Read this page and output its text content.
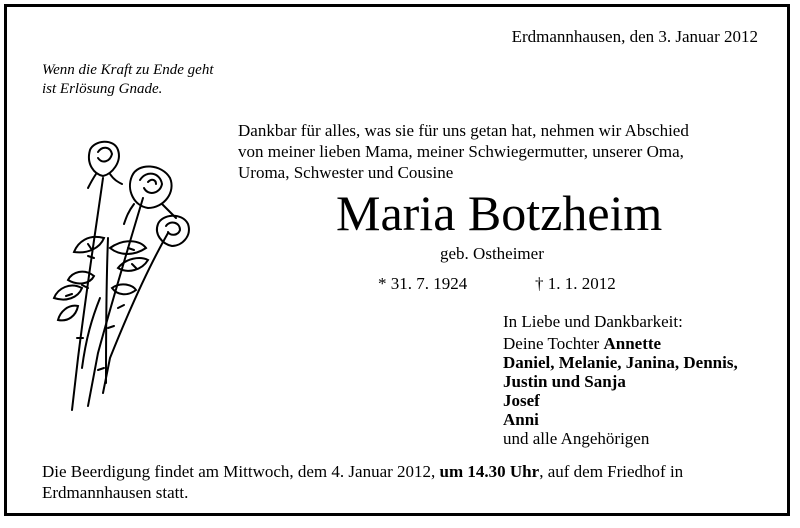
Erdmannhausen, den 3. Januar 2012
Wenn die Kraft zu Ende geht
ist Erlösung Gnade.
Dankbar für alles, was sie für uns getan hat, nehmen wir Abschied
von meiner lieben Mama, meiner Schwiegermutter, unserer Oma,
Uroma, Schwester und Cousine
Maria Botzheim
geb. Ostheimer
* 31. 7. 1924	† 1. 1. 2012
In Liebe und Dankbarkeit:
Deine Tochter Annette
Daniel, Melanie, Janina, Dennis,
Justin und Sanja
Josef
Anni
und alle Angehörigen
Die Beerdigung findet am Mittwoch, dem 4. Januar 2012, um 14.30 Uhr, auf dem Friedhof in
Erdmannhausen statt.
